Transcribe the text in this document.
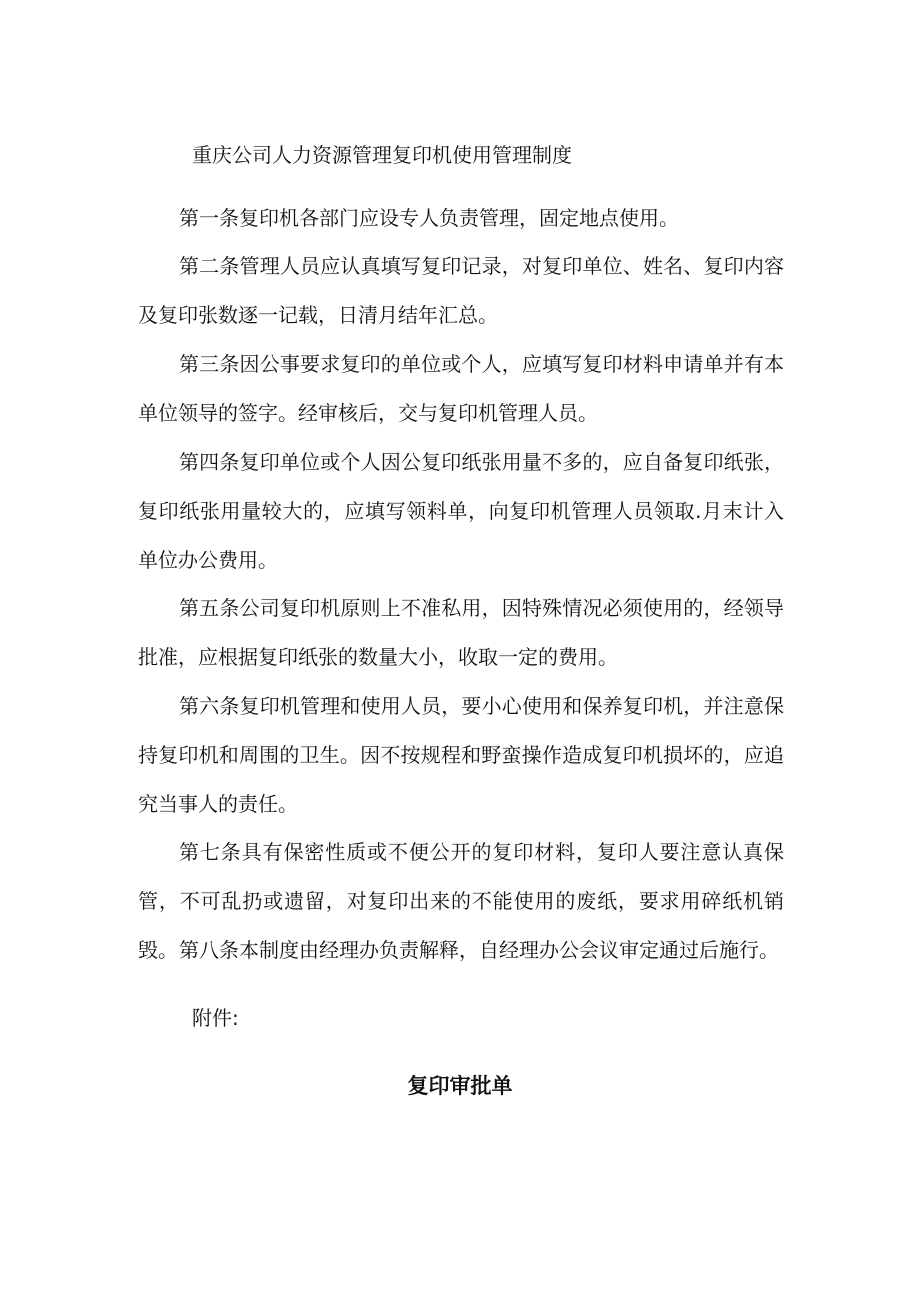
重庆公司人力资源管理复印机使用管理制度

第一条复印机各部门应设专人负责管理，固定地点使用。

第二条管理人员应认真填写复印记录，对复印单位、姓名、复印内容及复印张数逐一记载，日清月结年汇总。

第三条因公事要求复印的单位或个人，应填写复印材料申请单并有本单位领导的签字。经审核后，交与复印机管理人员。

第四条复印单位或个人因公复印纸张用量不多的，应自备复印纸张，复印纸张用量较大的，应填写领料单，向复印机管理人员领取.月末计入单位办公费用。

第五条公司复印机原则上不准私用，因特殊情况必须使用的，经领导批准，应根据复印纸张的数量大小，收取一定的费用。

第六条复印机管理和使用人员，要小心使用和保养复印机，并注意保持复印机和周围的卫生。因不按规程和野蛮操作造成复印机损坏的，应追究当事人的责任。

第七条具有保密性质或不便公开的复印材料，复印人要注意认真保管，不可乱扔或遗留，对复印出来的不能使用的废纸，要求用碎纸机销毁。 第八条本制度由经理办负责解释，自经理办公会议审定通过后施行。

附件:

复印审批单
